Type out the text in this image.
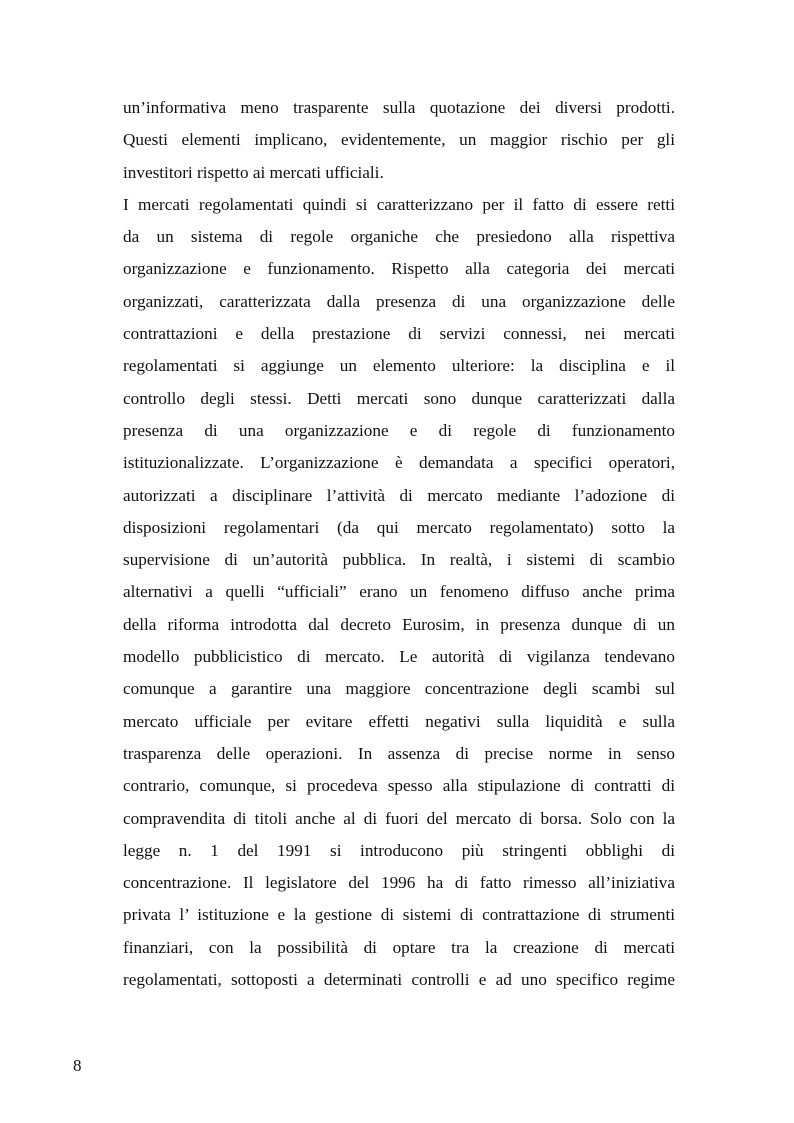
un’informativa meno trasparente sulla quotazione dei diversi prodotti.
Questi elementi implicano, evidentemente, un maggior rischio per gli
investitori rispetto ai mercati ufficiali.
I mercati regolamentati quindi si caratterizzano per il fatto di essere retti
da un sistema di regole organiche che presiedono alla rispettiva
organizzazione e funzionamento. Rispetto alla categoria dei mercati
organizzati, caratterizzata dalla presenza di una organizzazione delle
contrattazioni e della prestazione di servizi connessi, nei mercati
regolamentati si aggiunge un elemento ulteriore: la disciplina e il
controllo degli stessi. Detti mercati sono dunque caratterizzati dalla
presenza di una organizzazione e di regole di funzionamento
istituzionalizzate. L’organizzazione è demandata a specifici operatori,
autorizzati a disciplinare l’attività di mercato mediante l’adozione di
disposizioni regolamentari (da qui mercato regolamentato) sotto la
supervisione di un’autorità pubblica. In realtà, i sistemi di scambio
alternativi a quelli “ufficiali” erano un fenomeno diffuso anche prima
della riforma introdotta dal decreto Eurosim, in presenza dunque di un
modello pubblicistico di mercato. Le autorità di vigilanza tendevano
comunque a garantire una maggiore concentrazione degli scambi sul
mercato ufficiale per evitare effetti negativi sulla liquidità e sulla
trasparenza delle operazioni. In assenza di precise norme in senso
contrario, comunque, si procedeva spesso alla stipulazione di contratti di
compravendita di titoli anche al di fuori del mercato di borsa. Solo con la
legge n. 1 del 1991 si introducono più stringenti obblighi di
concentrazione. Il legislatore del 1996 ha di fatto rimesso all’iniziativa
privata l’ istituzione e la gestione di sistemi di contrattazione di strumenti
finanziari, con la possibilità di optare tra la creazione di mercati
regolamentati, sottoposti a determinati controlli e ad uno specifico regime
8
